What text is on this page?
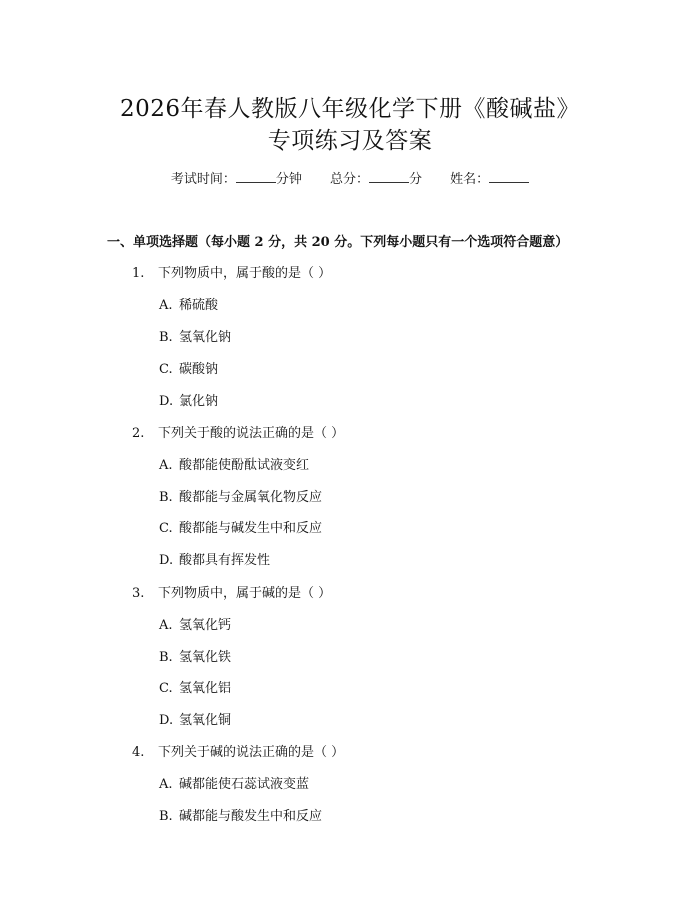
2026年春人教版八年级化学下册《酸碱盐》
专项练习及答案
考试时间：	分钟 总分：	分 姓名：
一、单项选择题（每小题 2 分，共 20 分。下列每小题只有一个选项符合题意）
1. 下列物质中，属于酸的是（ ）
A. 稀硫酸
B. 氢氧化钠
C. 碳酸钠
D. 氯化钠
2. 下列关于酸的说法正确的是（ ）
A. 酸都能使酚酞试液变红
B. 酸都能与金属氧化物反应
C. 酸都能与碱发生中和反应
D. 酸都具有挥发性
3. 下列物质中，属于碱的是（ ）
A. 氢氧化钙
B. 氢氧化铁
C. 氢氧化铝
D. 氢氧化铜
4. 下列关于碱的说法正确的是（ ）
A. 碱都能使石蕊试液变蓝
B. 碱都能与酸发生中和反应
